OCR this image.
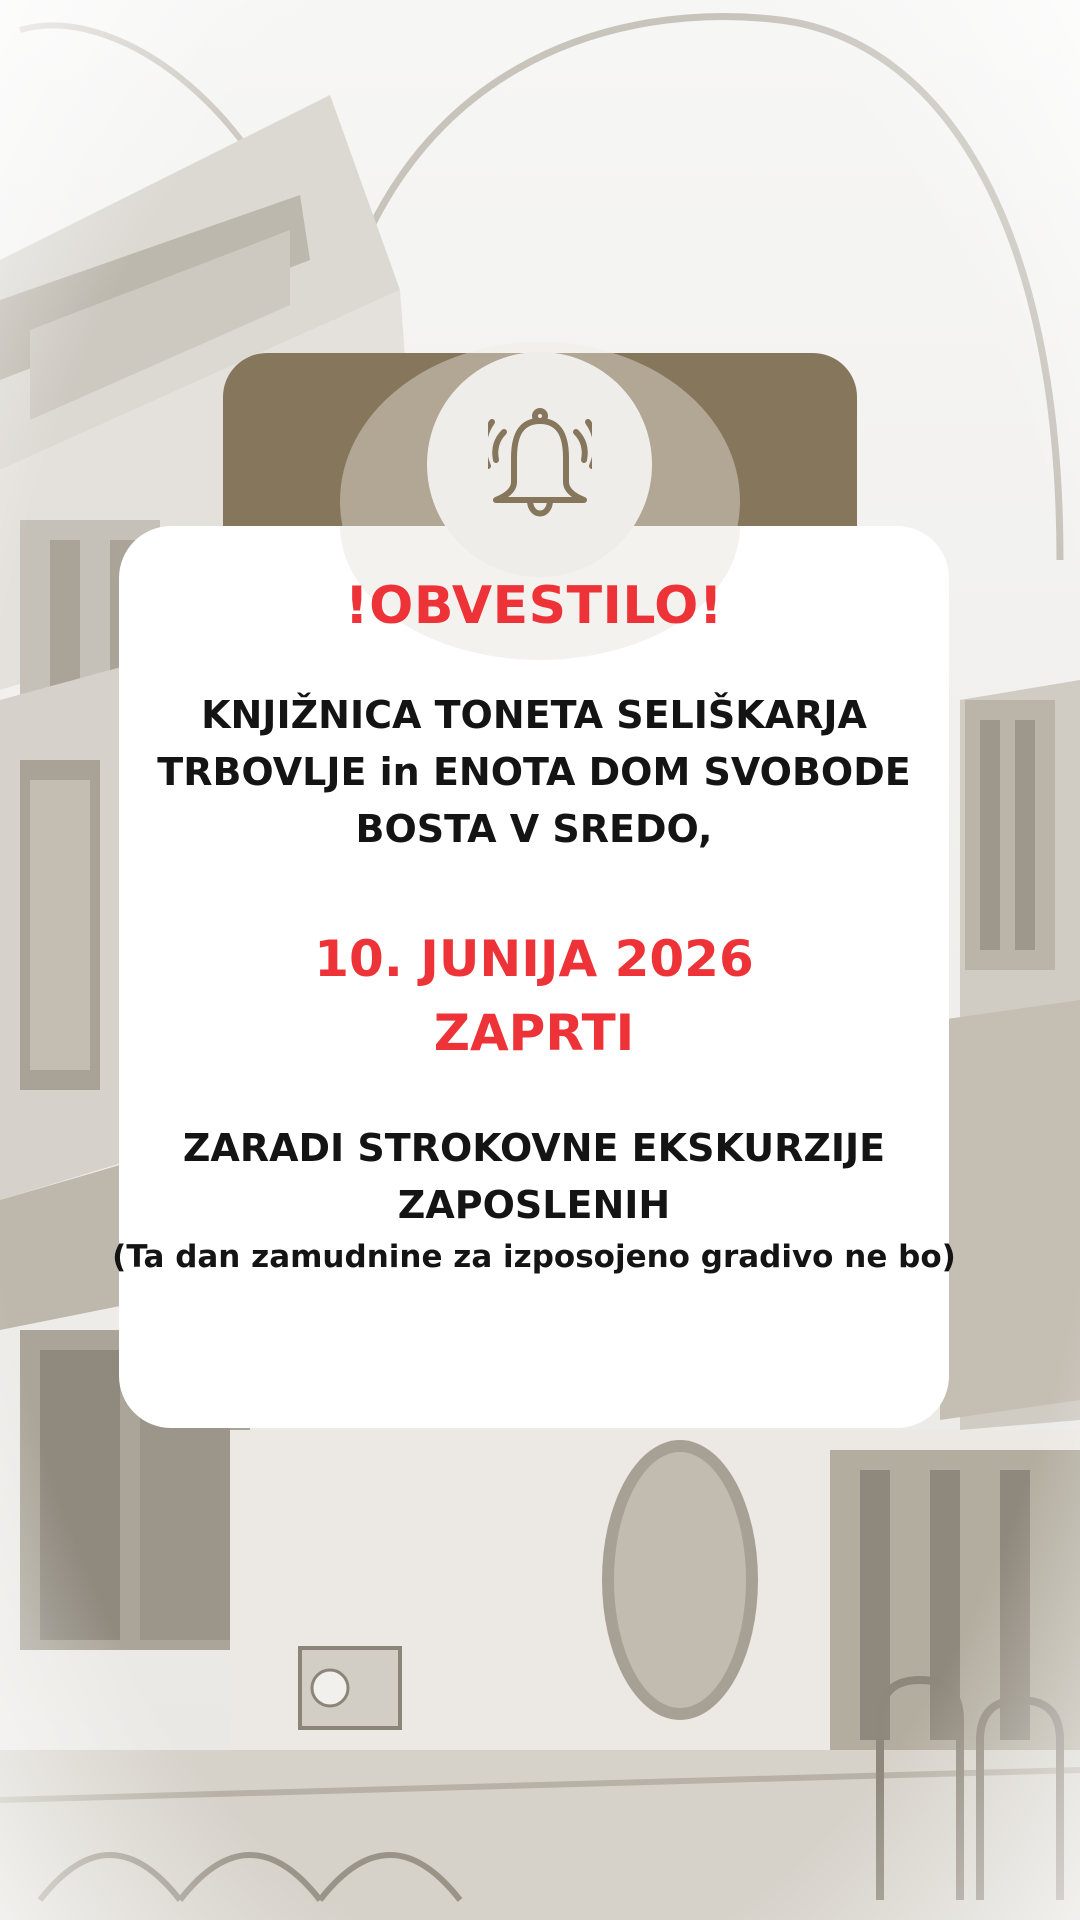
!OBVESTILO!

KNJIŽNICA TONETA SELIŠKARJA
TRBOVLJE in ENOTA DOM SVOBODE
BOSTA V SREDO,
10. JUNIJA 2026
ZAPRTI
ZARADI STROKOVNE EKSKURZIJE
ZAPOSLENIH

(Ta dan zamudnine za izposojeno gradivo ne bo)
